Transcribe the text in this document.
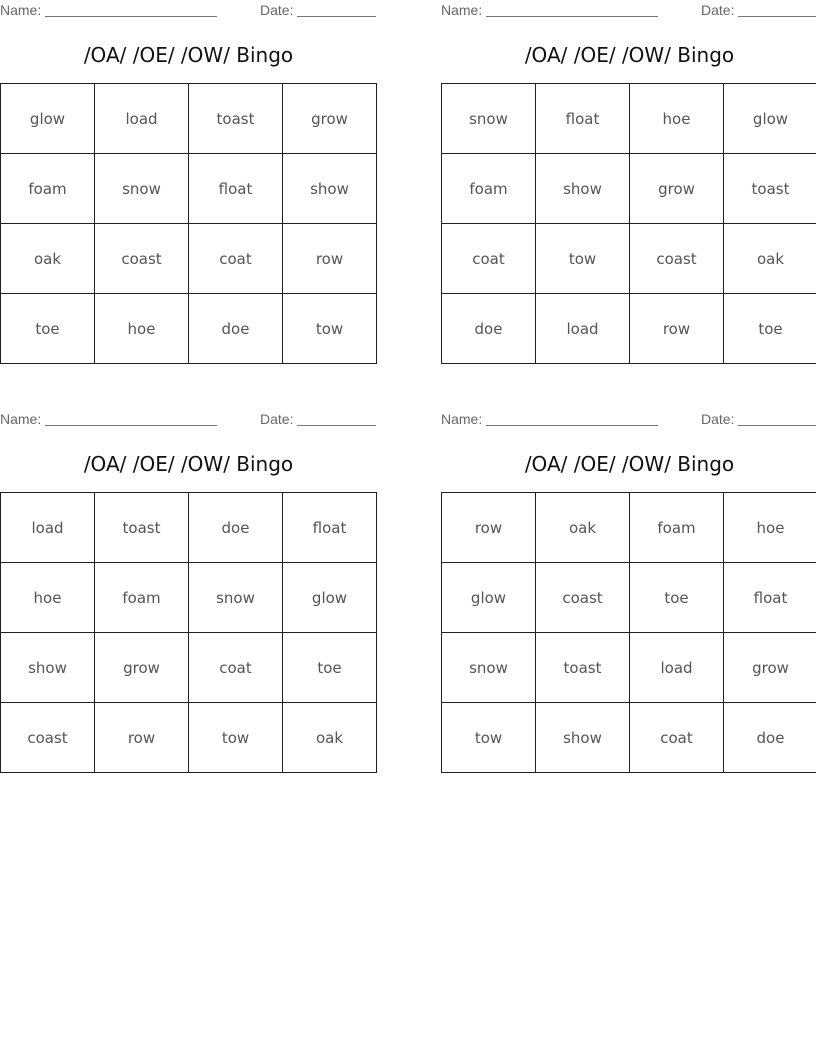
Name:	Date:
/OA/ /OE/ /OW/ Bingo
glow	load	toast	grow
foam	snow	float	show
oak	coast	coat	row
toe	hoe	doe	tow
Name:	Date:
/OA/ /OE/ /OW/ Bingo
snow	float	hoe	glow
foam	show	grow	toast
coat	tow	coast	oak
doe	load	row	toe
Name:	Date:
/OA/ /OE/ /OW/ Bingo
load	toast	doe	float
hoe	foam	snow	glow
show	grow	coat	toe
coast	row	tow	oak
Name:	Date:
/OA/ /OE/ /OW/ Bingo
row	oak	foam	hoe
glow	coast	toe	float
snow	toast	load	grow
tow	show	coat	doe
